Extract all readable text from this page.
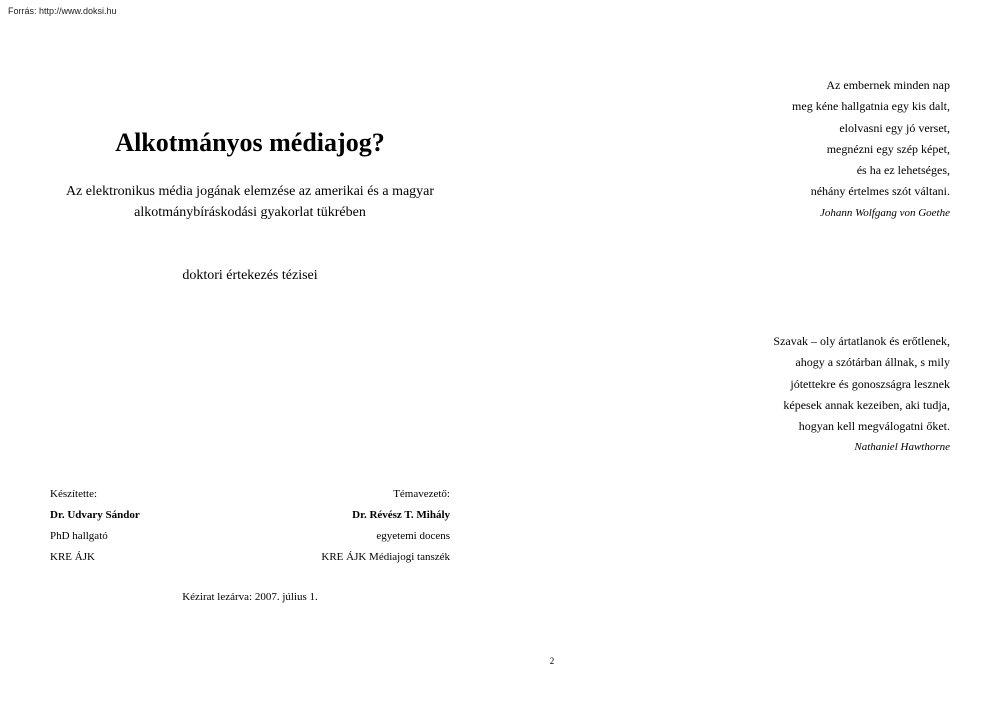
Forrás: http://www.doksi.hu
Alkotmányos médiajog?
Az elektronikus média jogának elemzése az amerikai és a magyar
alkotmánybíráskodási gyakorlat tükrében
doktori értekezés tézisei
Készítette:
Dr. Udvary Sándor
PhD hallgató
KRE ÁJK
Témavezető:
Dr. Révész T. Mihály
egyetemi docens
KRE ÁJK Médiajogi tanszék
Kézirat lezárva: 2007. július 1.
Az embernek minden nap
meg kéne hallgatnia egy kis dalt,
elolvasni egy jó verset,
megnézni egy szép képet,
és ha ez lehetséges,
néhány értelmes szót váltani.
Johann Wolfgang von Goethe
Szavak – oly ártatlanok és erőtlenek,
ahogy a szótárban állnak, s mily
jótettekre és gonoszságra lesznek
képesek annak kezeiben, aki tudja,
hogyan kell megválogatni őket.
Nathaniel Hawthorne
2
